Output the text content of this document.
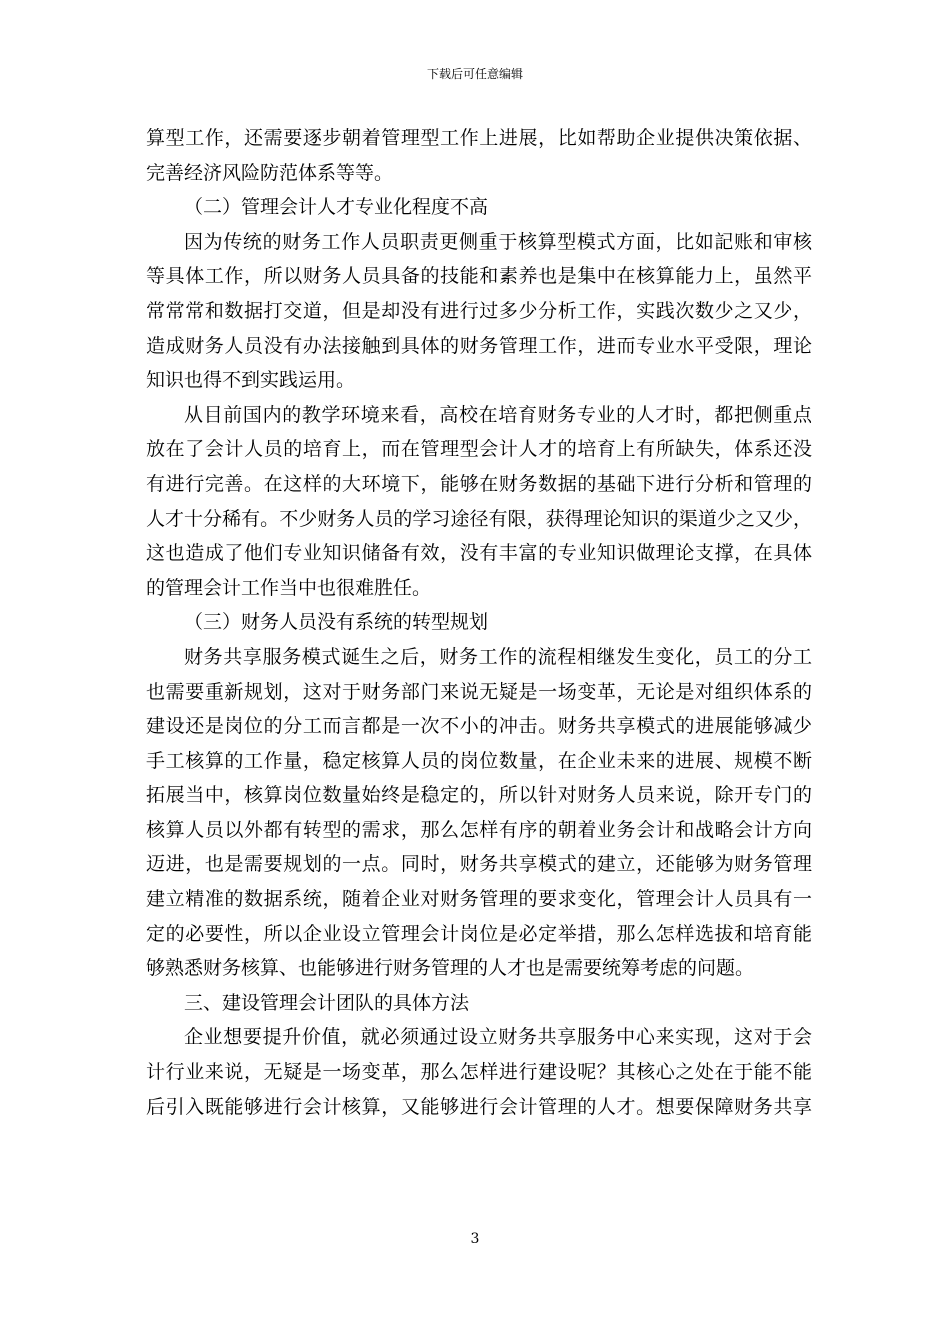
下载后可任意编辑
算型工作，还需要逐步朝着管理型工作上进展，比如帮助企业提供决策依据、
完善经济风险防范体系等等。
（二）管理会计人才专业化程度不高
因为传统的财务工作人员职责更侧重于核算型模式方面，比如記账和审核
等具体工作，所以财务人员具备的技能和素养也是集中在核算能力上，虽然平
常常常和数据打交道，但是却没有进行过多少分析工作，实践次数少之又少，
造成财务人员没有办法接触到具体的财务管理工作，进而专业水平受限，理论
知识也得不到实践运用。
从目前国内的教学环境来看，高校在培育财务专业的人才时，都把侧重点
放在了会计人员的培育上，而在管理型会计人才的培育上有所缺失，体系还没
有进行完善。在这样的大环境下，能够在财务数据的基础下进行分析和管理的
人才十分稀有。不少财务人员的学习途径有限，获得理论知识的渠道少之又少，
这也造成了他们专业知识储备有效，没有丰富的专业知识做理论支撑，在具体
的管理会计工作当中也很难胜任。
（三）财务人员没有系统的转型规划
财务共享服务模式诞生之后，财务工作的流程相继发生变化，员工的分工
也需要重新规划，这对于财务部门来说无疑是一场变革，无论是对组织体系的
建设还是岗位的分工而言都是一次不小的冲击。财务共享模式的进展能够减少
手工核算的工作量，稳定核算人员的岗位数量，在企业未来的进展、规模不断
拓展当中，核算岗位数量始终是稳定的，所以针对财务人员来说，除开专门的
核算人员以外都有转型的需求，那么怎样有序的朝着业务会计和战略会计方向
迈进，也是需要规划的一点。同时，财务共享模式的建立，还能够为财务管理
建立精准的数据系统，随着企业对财务管理的要求变化，管理会计人员具有一
定的必要性，所以企业设立管理会计岗位是必定举措，那么怎样选拔和培育能
够熟悉财务核算、也能够进行财务管理的人才也是需要统筹考虑的问题。
三、建设管理会计团队的具体方法
企业想要提升价值，就必须通过设立财务共享服务中心来实现，这对于会
计行业来说，无疑是一场变革，那么怎样进行建设呢？其核心之处在于能不能
后引入既能够进行会计核算，又能够进行会计管理的人才。想要保障财务共享
3
